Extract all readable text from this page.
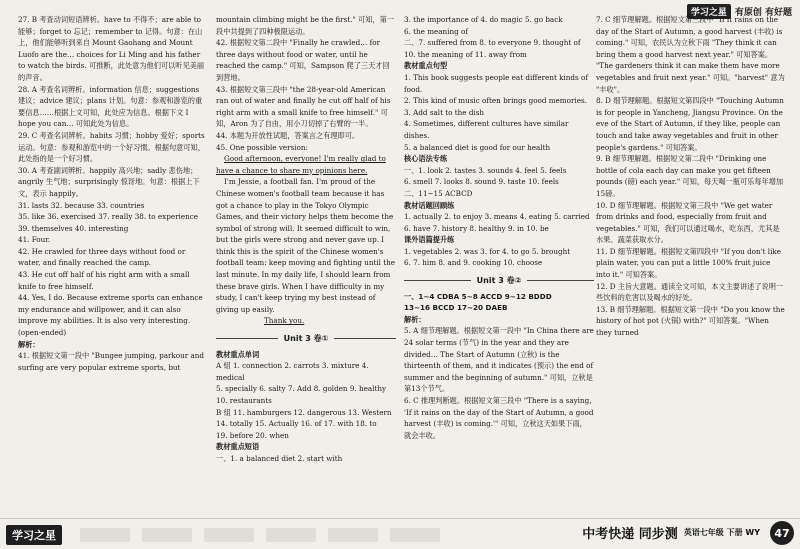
学习之星 有原创 有好题

27. B 考查动词短语辨析。have to 不得不；are able to 能够；forget to 忘记；remember to 记得。句意：在山上，他们能够听到来自 Mount Gaohang and Mount Luofo are the… choices for Li Ming and his father to watch the birds. 可推断，此处意为他们可以听见美丽的声音。

28. A 考查名词辨析。information 信息；suggestions 建议；advice 建议；plans 计划。句意：参观和游览的重要信息……根据上文可知，此处应为信息。根据下文 I hope you can… 可知此处为信息。

29. C 考查名词辨析。habits 习惯；hobby 爱好；sports 运动。句意：参观和游览中的一个好习惯。根据句意可知，此处指的是一个好习惯。

30. A 考查副词辨析。happily 高兴地；sadly 悲伤地；angrily 生气地；surprisingly 惊讶地。句意：根据上下文，表示 happily。

31. lasts 32. because 33. countries

35. like 36. exercised 37. really 38. to experience

39. themselves 40. interesting

41. Four.

42. He crawled for three days without food or water, and finally reached the camp.

43. He cut off half of his right arm with a small knife to free himself.

44. Yes, I do. Because extreme sports can enhance my endurance and willpower, and it can also improve my abilities. It is also very interesting. (open-ended)

解析：

41. 根据短文第一段中 "Bungee jumping, parkour and surfing are very popular extreme sports, but

mountain climbing might be the first." 可知，第一段中共提到了四种极限运动。

42. 根据短文第二段中 "Finally he crawled… for three days without food or water, until he reached the camp." 可知，Sampson 爬了三天才回到营地。

43. 根据短文第三段中 "the 28-year-old American ran out of water and finally he cut off half of his right arm with a small knife to free himself." 可知，Aron 为了自由，用小刀切掉了右臂的一半。

44. 本题为开放性试题，答案言之有理即可。

45. One possible version:

Good afternoon, everyone! I'm really glad to have a chance to share my opinions here.

I'm Jessie, a football fan. I'm proud of the Chinese women's football team because it has got a chance to play in the Tokyo Olympic Games, and their victory helps them become the symbol of strong will. It seemed difficult to win, but the girls were strong and never gave up. I think this is the spirit of the Chinese women's football team: keep moving and fighting until the last minute. In my daily life, I should learn from these brave girls. When I have difficulty in my study, I can't keep trying my best instead of giving up easily.

Thank you.

Unit 3 卷①

教材重点单词

A 組 1. connection 2. carrots 3. mixture 4. medical

5. specially 6. salty 7. Add 8. golden 9. healthy

10. restaurants

B 組 11. hamburgers 12. dangerous 13. Western

14. totally 15. Actually 16. of 17. with 18. to

19. before 20. when

教材重点短语

一、1. a balanced diet 2. start with

3. the importance of 4. do magic 5. go back

6. the meaning of

二、7. suffered from 8. to everyone 9. thought of

10. the meaning of 11. away from

教材重点句型

1. This book suggests people eat different kinds of food.

2. This kind of music often brings good memories.

3. Add salt to the dish

4. Sometimes, different cultures have similar dishes.

5. a balanced diet is good for our health

核心语法专练

一、1. look 2. tastes 3. sounds 4. feel 5. feels

6. smell 7. looks 8. sound 9. taste 10. feels

二、11~15 ACBCD

教材话题回顾练

1. actually 2. to enjoy 3. means 4. eating 5. carried

6. have 7. history 8. healthy 9. in 10. be

课外语篇提升练

1. vegetables 2. was 3. for 4. to go 5. brought

6. 7. him 8. and 9. cooking 10. choose

Unit 3 卷②

一、1~4 CDBA 5~8 ACCD 9~12 BDDD

13~16 BCCD 17~20 DAEB

解析：

5. A 细节理解题。根据短文第一段中 "In China there are 24 solar terms (节气) in the year and they are divided… The Start of Autumn (立秋) is the thirteenth of them, and it indicates (预示) the end of summer and the beginning of autumn." 可知，立秋是第13个节气。

6. C 推理判断题。根据短文第三段中 "There is a saying, 'If it rains on the day of the Start of Autumn, a good harvest (丰收) is coming.'" 可知，立秋这天如果下雨，就会丰收。

7. C 细节理解题。根据短文第三段中 "If it rains on the day of the Start of Autumn, a good harvest (丰收) is coming." 可知，农民认为立秋下雨 "They think it can bring them a good harvest next year." 可知答案。

"The gardeners think it can make them have more vegetables and fruit next year." 可知。"harvest" 意为 "丰收"。

8. D 细节理解题。根据短文第四段中 "Touching Autumn is for people in Yancheng, Jiangsu Province. On the eve of the Start of Autumn, if they like, people can touch and take away vegetables and fruit in other people's gardens." 可知答案。

9. B 细节理解题。根据短文第二段中 "Drinking one bottle of cola each day can make you get fifteen pounds (磅) each year." 可知，每天喝一瓶可乐每年增加15磅。

10. D 细节理解题。根据短文第三段中 "We get water from drinks and food, especially from fruit and vegetables." 可知，我们可以通过喝水，吃东西，尤其是水果、蔬菜获取水分。

11. D 细节理解题。根据短文第四段中 "If you don't like plain water, you can put a little 100% fruit juice into it." 可知答案。

12. D 主旨大意题。通读全文可知，本文主要讲述了说明一些饮料的危害以及喝水的好处。

13. B 细节理解题。根据短文第一段中 "Do you know the history of hot pot (火锅) with?" 可知答案。"When they turned

学习之星	中考快递 同步测 英语七年级 下册 WY	47
